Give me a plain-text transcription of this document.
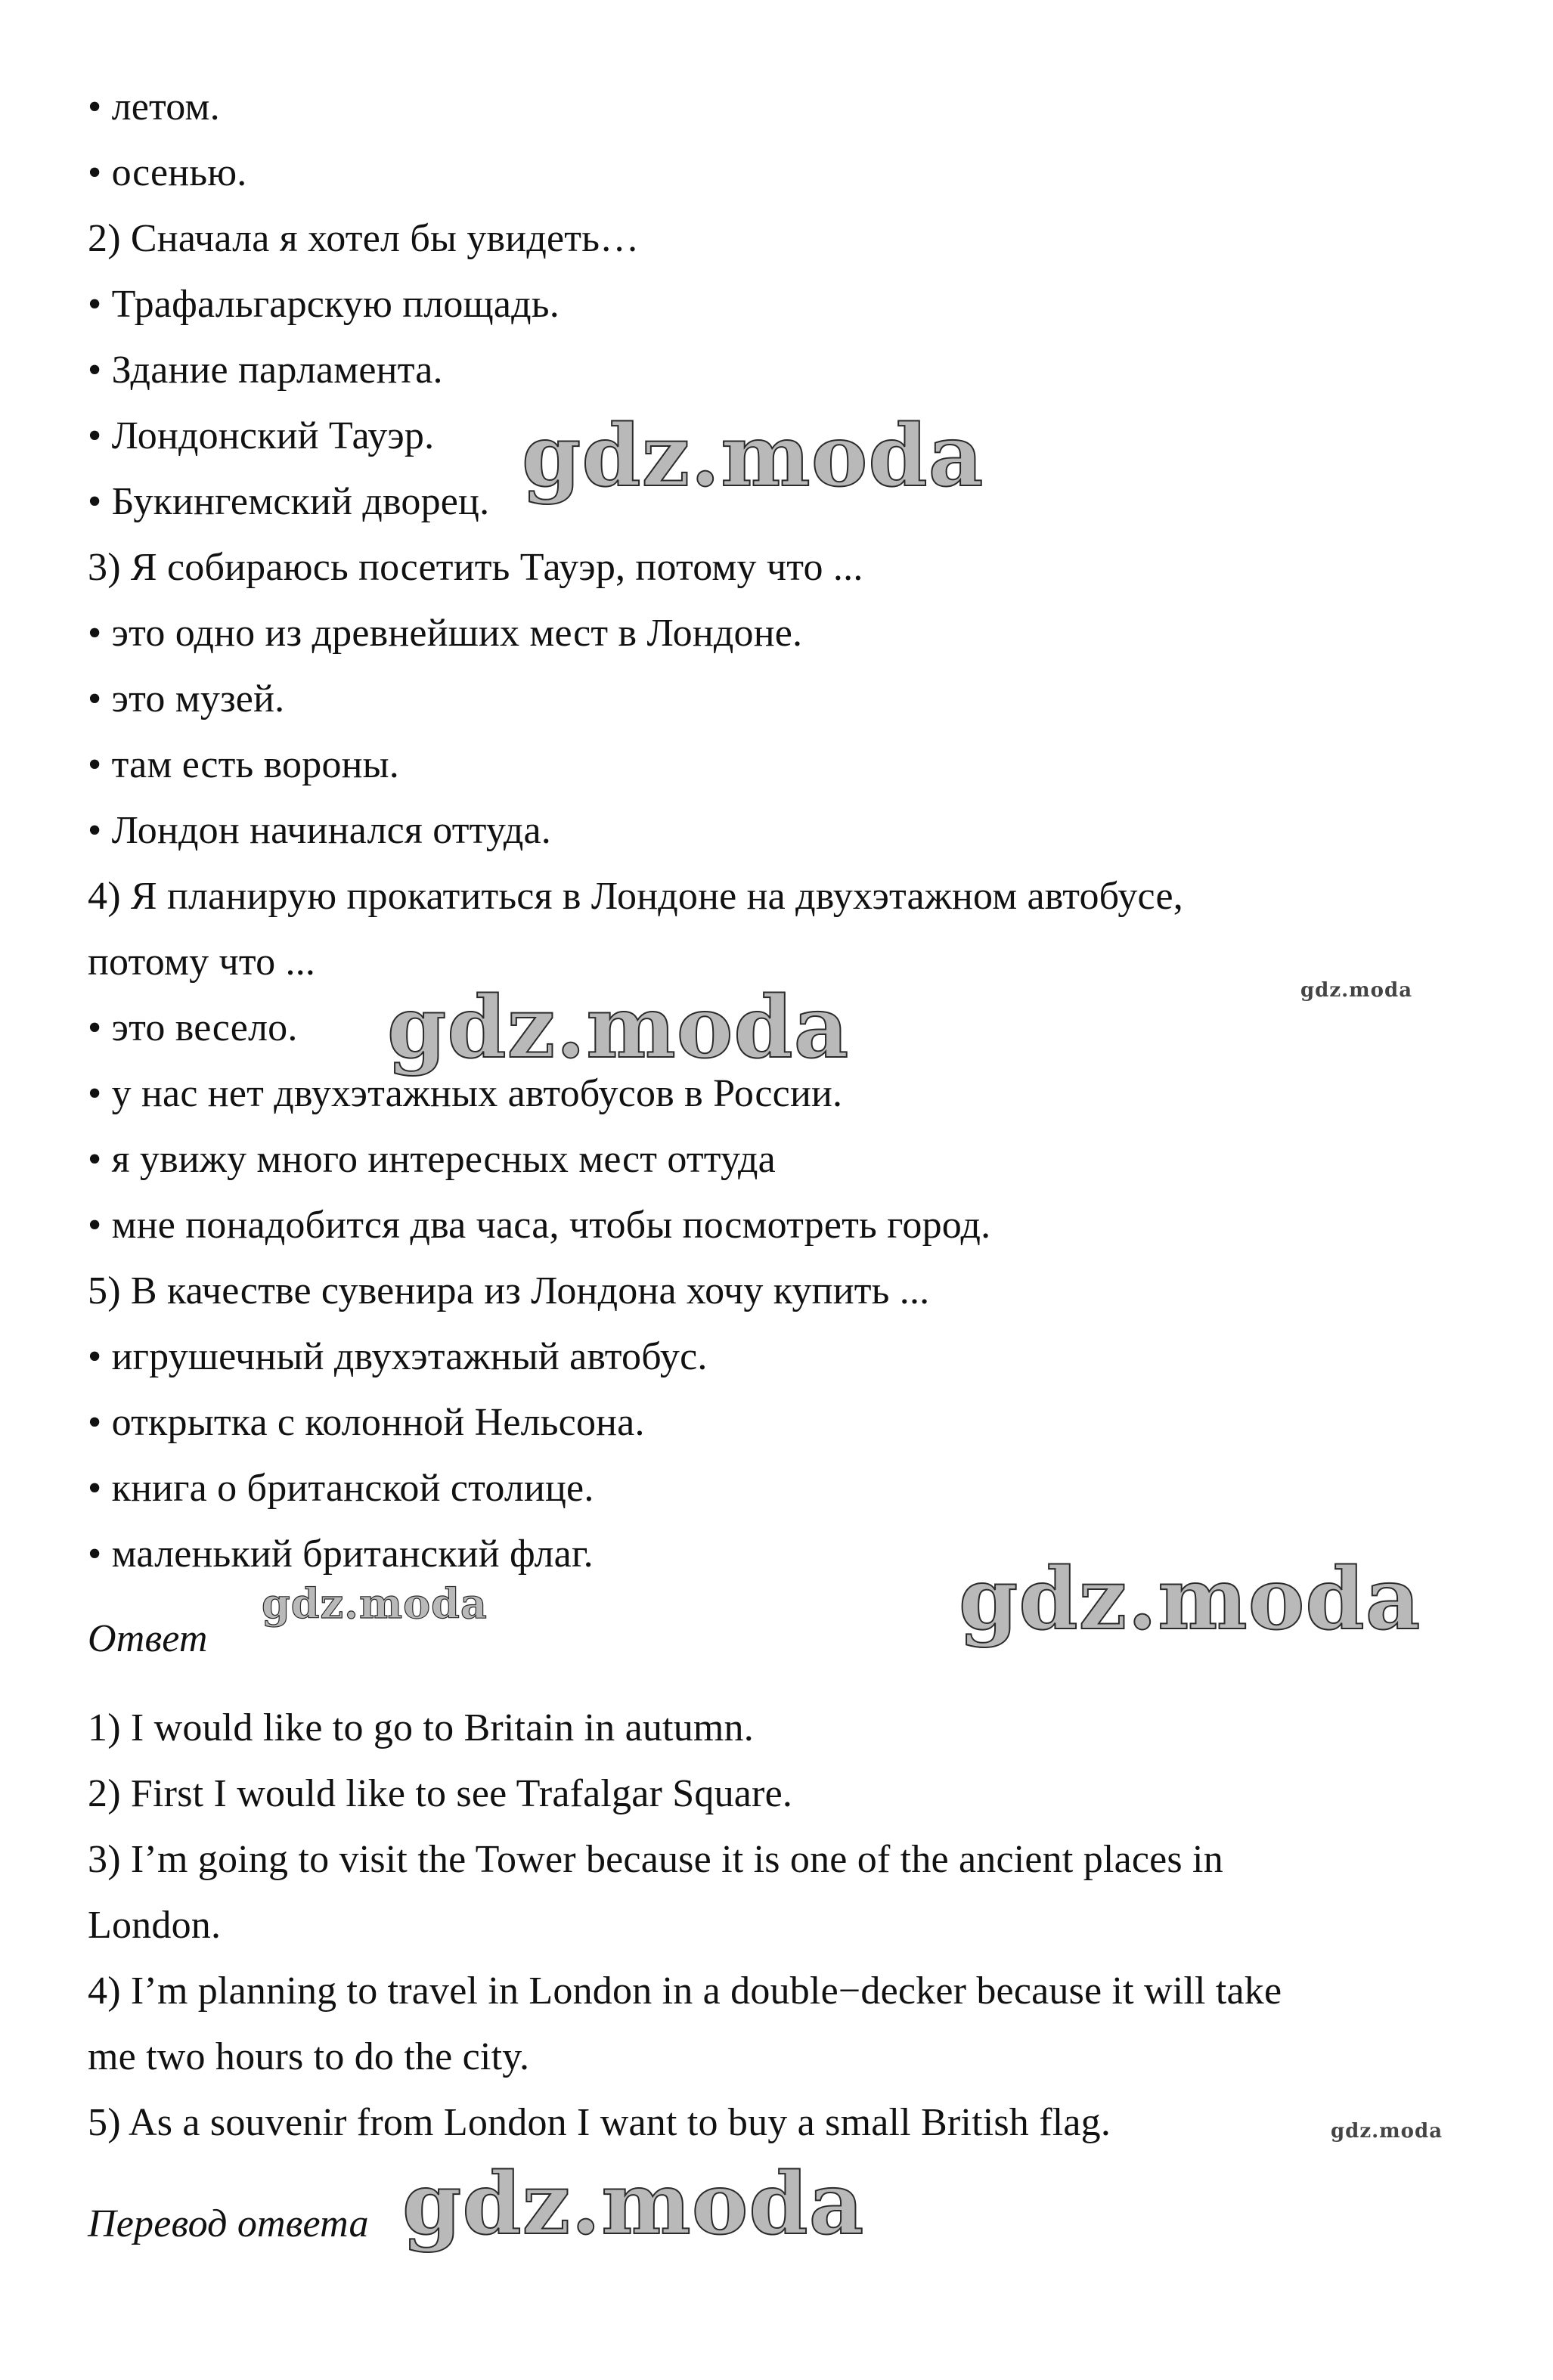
• летом.
• осенью.
2) Сначала я хотел бы увидеть…
• Трафальгарскую площадь.
• Здание парламента.
• Лондонский Тауэр.
• Букингемский дворец.
3) Я собираюсь посетить Тауэр, потому что ...
• это одно из древнейших мест в Лондоне.
• это музей.
• там есть вороны.
• Лондон начинался оттуда.
4) Я планирую прокатиться в Лондоне на двухэтажном автобусе,
потому что ...
• это весело.
• у нас нет двухэтажных автобусов в России.
• я увижу много интересных мест оттуда
• мне понадобится два часа, чтобы посмотреть город.
5) В качестве сувенира из Лондона хочу купить ...
• игрушечный двухэтажный автобус.
• открытка с колонной Нельсона.
• книга о британской столице.
• маленький британский флаг.
Ответ
1) I would like to go to Britain in autumn.
2) First I would like to see Trafalgar Square.
3) I’m going to visit the Tower because it is one of the ancient places in
London.
4) I’m planning to travel in London in a double−decker because it will take
me two hours to do the city.
5) As a souvenir from London I want to buy a small British flag.
Перевод ответа
gdz.moda
gdz.moda
gdz.moda
gdz.moda
gdz.moda
gdz.moda
gdz.moda
